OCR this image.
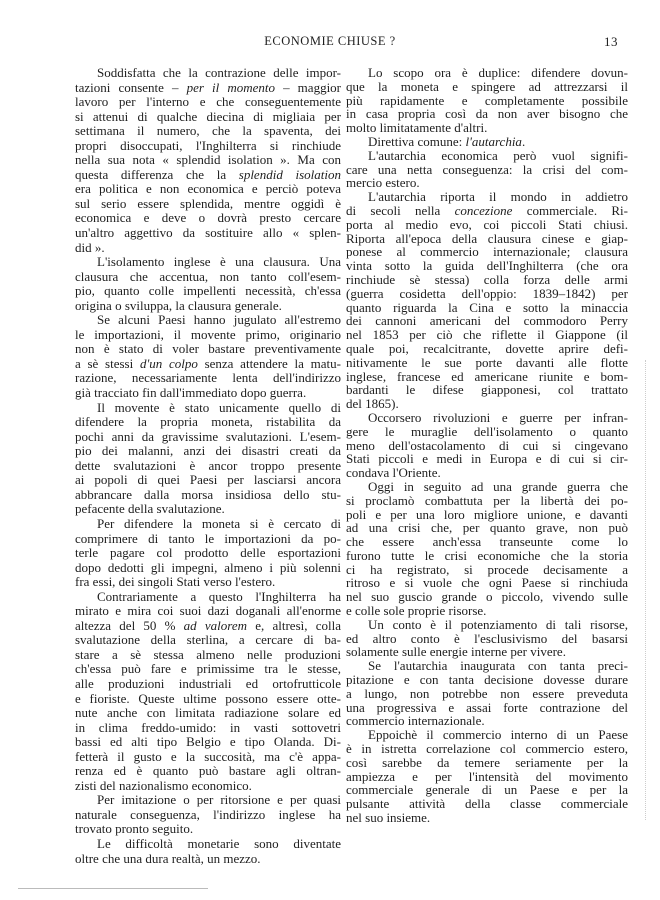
ECONOMIE CHIUSE ?	13
Soddisfatta che la contrazione delle impor-
tazioni consente – per il momento – maggior
lavoro per l'interno e che conseguentemente
si attenui di qualche diecina di migliaia per
settimana il numero, che la spaventa, dei
propri disoccupati, l'Inghilterra si rinchiude
nella sua nota « splendid isolation ». Ma con
questa differenza che la splendid isolation
era politica e non economica e perciò poteva
sul serio essere splendida, mentre oggidì è
economica e deve o dovrà presto cercare
un'altro aggettivo da sostituire allo « splen-
did ».
L'isolamento inglese è una clausura. Una
clausura che accentua, non tanto coll'esem-
pio, quanto colle impellenti necessità, ch'essa
origina o sviluppa, la clausura generale.
Se alcuni Paesi hanno jugulato all'estremo
le importazioni, il movente primo, originario
non è stato di voler bastare preventivamente
a sè stessi d'un colpo senza attendere la matu-
razione, necessariamente lenta dell'indirizzo
già tracciato fin dall'immediato dopo guerra.
Il movente è stato unicamente quello di
difendere la propria moneta, ristabilita da
pochi anni da gravissime svalutazioni. L'esem-
pio dei malanni, anzi dei disastri creati da
dette svalutazioni è ancor troppo presente
ai popoli di quei Paesi per lasciarsi ancora
abbrancare dalla morsa insidiosa dello stu-
pefacente della svalutazione.
Per difendere la moneta si è cercato di
comprimere di tanto le importazioni da po-
terle pagare col prodotto delle esportazioni
dopo dedotti gli impegni, almeno i più solenni
fra essi, dei singoli Stati verso l'estero.
Contrariamente a questo l'Inghilterra ha
mirato e mira coi suoi dazi doganali all'enorme
altezza del 50 % ad valorem e, altresì, colla
svalutazione della sterlina, a cercare di ba-
stare a sè stessa almeno nelle produzioni
ch'essa può fare e primissime tra le stesse,
alle produzioni industriali ed ortofrutticole
e fioriste. Queste ultime possono essere otte-
nute anche con limitata radiazione solare ed
in clima freddo-umido: in vasti sottovetri
bassi ed alti tipo Belgio e tipo Olanda. Di-
fetterà il gusto e la succosità, ma c'è appa-
renza ed è quanto può bastare agli oltran-
zisti del nazionalismo economico.
Per imitazione o per ritorsione e per quasi
naturale conseguenza, l'indirizzo inglese ha
trovato pronto seguito.
Le difficoltà monetarie sono diventate
oltre che una dura realtà, un mezzo.
Lo scopo ora è duplice: difendere dovun-
que la moneta e spingere ad attrezzarsi il
più rapidamente e completamente possibile
in casa propria così da non aver bisogno che
molto limitatamente d'altri.
Direttiva comune: l'autarchia.
L'autarchia economica però vuol signifi-
care una netta conseguenza: la crisi del com-
mercio estero.
L'autarchia riporta il mondo in addietro
di secoli nella concezione commerciale. Ri-
porta al medio evo, coi piccoli Stati chiusi.
Riporta all'epoca della clausura cinese e giap-
ponese al commercio internazionale; clausura
vinta sotto la guida dell'Inghilterra (che ora
rinchiude sè stessa) colla forza delle armi
(guerra cosidetta dell'oppio: 1839–1842) per
quanto riguarda la Cina e sotto la minaccia
dei cannoni americani del commodoro Perry
nel 1853 per ciò che riflette il Giappone (il
quale poi, recalcitrante, dovette aprire defi-
nitivamente le sue porte davanti alle flotte
inglese, francese ed americane riunite e bom-
bardanti le difese giapponesi, col trattato
del 1865).
Occorsero rivoluzioni e guerre per infran-
gere le muraglie dell'isolamento o quanto
meno dell'ostacolamento di cui si cingevano
Stati piccoli e medi in Europa e di cui si cir-
condava l'Oriente.
Oggi in seguito ad una grande guerra che
si proclamò combattuta per la libertà dei po-
poli e per una loro migliore unione, e davanti
ad una crisi che, per quanto grave, non può
che essere anch'essa transeunte come lo
furono tutte le crisi economiche che la storia
ci ha registrato, si procede decisamente a
ritroso e si vuole che ogni Paese si rinchiuda
nel suo guscio grande o piccolo, vivendo sulle
e colle sole proprie risorse.
Un conto è il potenziamento di tali risorse,
ed altro conto è l'esclusivismo del basarsi
solamente sulle energie interne per vivere.
Se l'autarchia inaugurata con tanta preci-
pitazione e con tanta decisione dovesse durare
a lungo, non potrebbe non essere preveduta
una progressiva e assai forte contrazione del
commercio internazionale.
Eppoichè il commercio interno di un Paese
è in istretta correlazione col commercio estero,
così sarebbe da temere seriamente per la
ampiezza e per l'intensità del movimento
commerciale generale di un Paese e per la
pulsante attività della classe commerciale
nel suo insieme.
